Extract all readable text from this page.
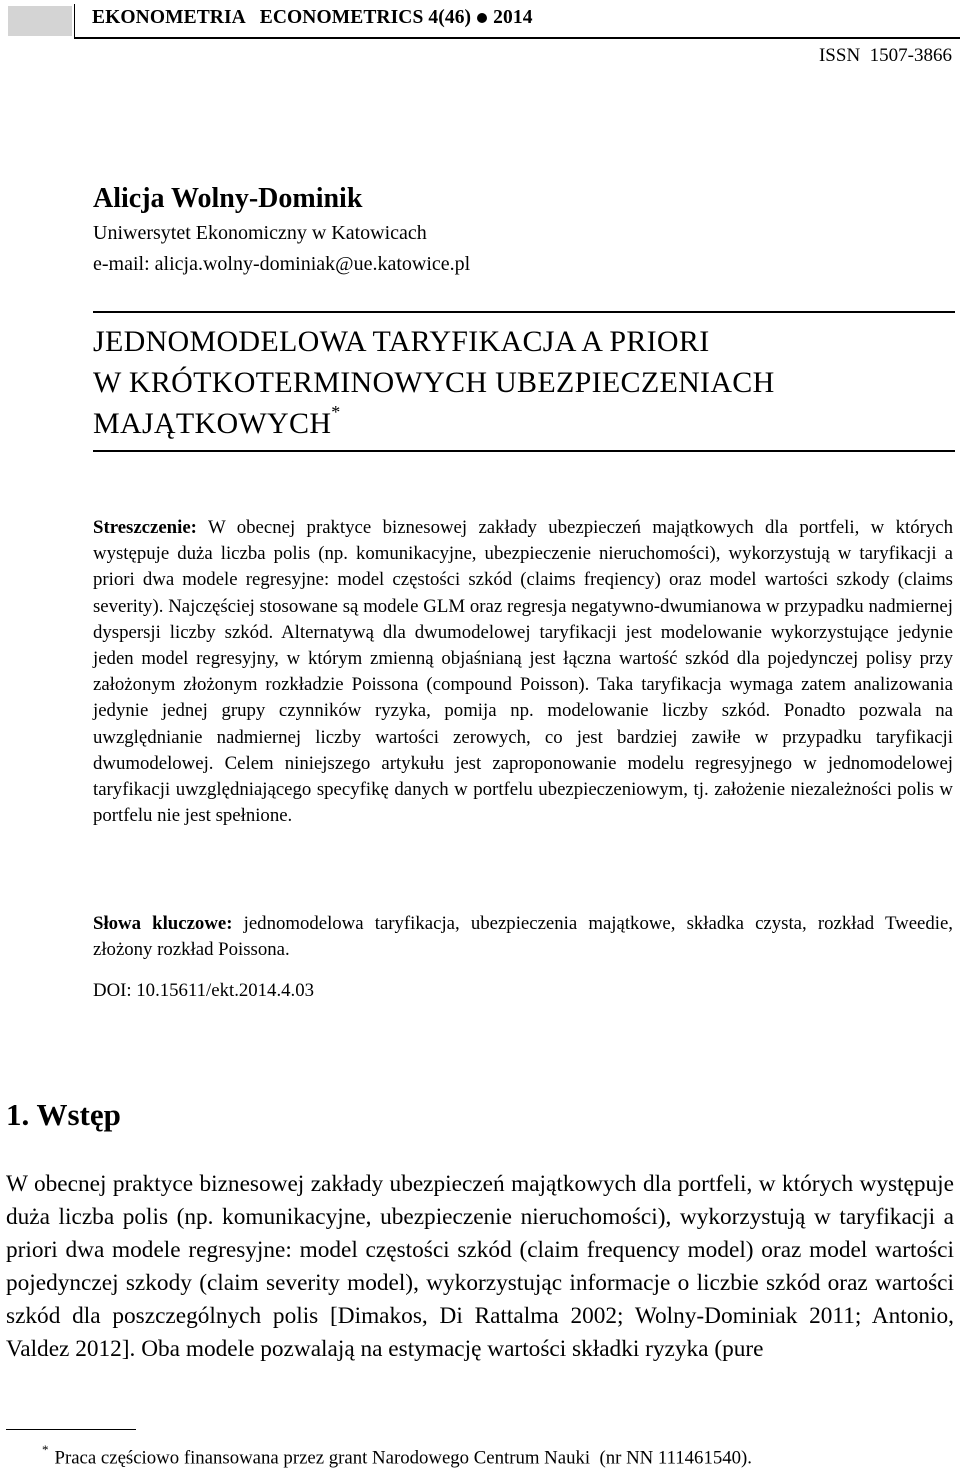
EKONOMETRIA   ECONOMETRICS 4(46) 2014
ISSN  1507-3866
Alicja Wolny-Dominik
Uniwersytet Ekonomiczny w Katowicach
e-mail: alicja.wolny-dominiak@ue.katowice.pl
JEDNOMODELOWA TARYFIKACJA A PRIORI
W KRÓTKOTERMINOWYCH UBEZPIECZENIACH
MAJĄTKOWYCH*
Streszczenie: W obecnej praktyce biznesowej zakłady ubezpieczeń majątkowych dla portfeli, w których występuje duża liczba polis (np. komunikacyjne, ubezpieczenie nieruchomości), wykorzystują w taryfikacji a priori dwa modele regresyjne: model częstości szkód (claims freqiency) oraz model wartości szkody (claims severity). Najczęściej stosowane są modele GLM oraz regresja negatywno-dwumianowa w przypadku nadmiernej dyspersji liczby szkód. Alternatywą dla dwumodelowej taryfikacji jest modelowanie wykorzystujące jedynie jeden model regresyjny, w którym zmienną objaśnianą jest łączna wartość szkód dla pojedynczej polisy przy założonym złożonym rozkładzie Poissona (compound Poisson). Taka taryfikacja wymaga zatem analizowania jedynie jednej grupy czynników ryzyka, pomija np. modelowanie liczby szkód. Ponadto pozwala na uwzględnianie nadmiernej liczby wartości zerowych, co jest bardziej zawiłe w przypadku taryfikacji dwumodelowej. Celem niniejszego artykułu jest zaproponowanie modelu regresyjnego w jednomodelowej taryfikacji uwzględniającego specyfikę danych w portfelu ubezpieczeniowym, tj. założenie niezależności polis w portfelu nie jest spełnione.
Słowa kluczowe: jednomodelowa taryfikacja, ubezpieczenia majątkowe, składka czysta, rozkład Tweedie, złożony rozkład Poissona.
DOI: 10.15611/ekt.2014.4.03
1. Wstęp
W obecnej praktyce biznesowej zakłady ubezpieczeń majątkowych dla portfeli, w których występuje duża liczba polis (np. komunikacyjne, ubezpieczenie nieruchomości), wykorzystują w taryfikacji a priori dwa modele regresyjne: model częstości szkód (claim frequency model) oraz model wartości pojedynczej szkody (claim severity model), wykorzystując informacje o liczbie szkód oraz wartości szkód dla poszczególnych polis [Dimakos, Di Rattalma 2002; Wolny-Dominiak 2011; Antonio, Valdez 2012]. Oba modele pozwalają na estymację wartości składki ryzyka (pure
* Praca częściowo finansowana przez grant Narodowego Centrum Nauki  (nr NN 111461540).
